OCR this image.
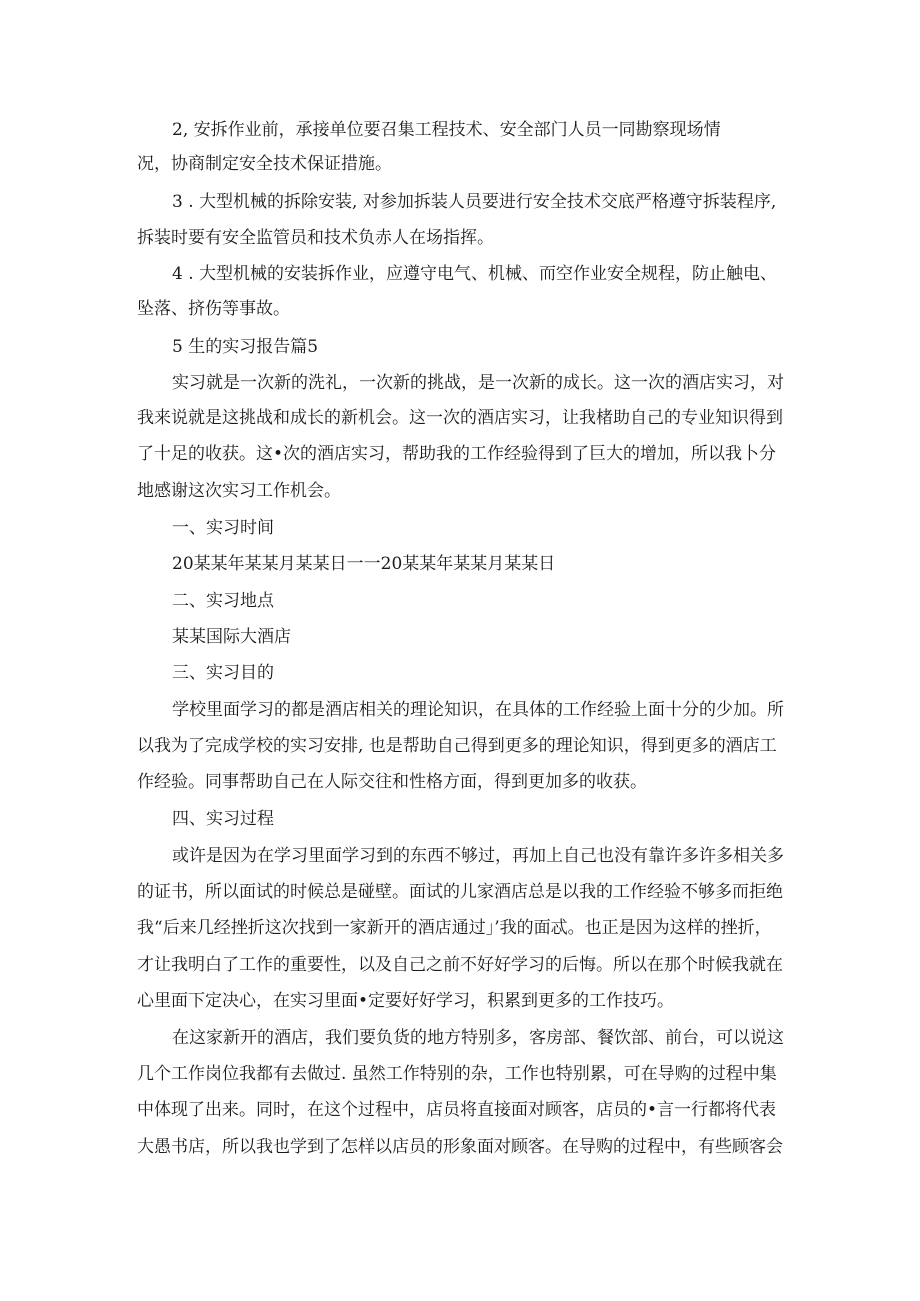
2, 安拆作业前，承接单位要召集工程技术、安全部门人员一同勘察现场情
况，协商制定安全技术保证措施。
3 . 大型机械的拆除安装, 对参加拆装人员要进行安全技术交底严格遵守拆装程序,
拆装时要有安全监管员和技术负赤人在场指挥。
4 . 大型机械的安装拆作业，应遵守电气、机械、而空作业安全规程，防止触电、
坠落、挤伤等事故。
5 生的实习报告篇5
实习就是一次新的洗礼，一次新的挑战，是一次新的成长。这一次的酒店实习，对
我来说就是这挑战和成长的新机会。这一次的酒店实习，让我楮助自己的专业知识得到
了十足的收获。这•次的酒店实习，帮助我的工作经验得到了巨大的增加，所以我卜分
地感谢这次实习工作机会。
一、实习时间
20某某年某某月某某日一一20某某年某某月某某日
二、实习地点
某某国际大酒店
三、实习目的
学校里面学习的都是酒店相关的理论知识，在具体的工作经验上面十分的少加。所
以我为了完成学校的实习安排, 也是帮助自己得到更多的理论知识，得到更多的酒店工
作经验。同事帮助自己在人际交往和性格方面，得到更加多的收获。
四、实习过程
或许是因为在学习里面学习到的东西不够过，再加上自己也没有靠许多许多相关多
的证书，所以面试的时候总是碰壁。面试的儿家酒店总是以我的工作经验不够多而拒绝
我“后来几经挫折这次找到一家新开的酒店通过」’我的面忒。也正是因为这样的挫折，
才让我明白了工作的重要性，以及自己之前不好好学习的后悔。所以在那个时候我就在
心里面下定决心，在实习里面•定要好好学习，积累到更多的工作技巧。
在这家新开的酒店，我们要负货的地方特别多，客房部、餐饮部、前台，可以说这
几个工作岗位我都有去做过. 虽然工作特别的杂，工作也特别累，可在导购的过程中集
中体现了出来。同时，在这个过程中，店员将直接面对顾客，店员的•言一行都将代表
大愚书店，所以我也学到了怎样以店员的形象面对顾客。在导购的过程中，有些顾客会
